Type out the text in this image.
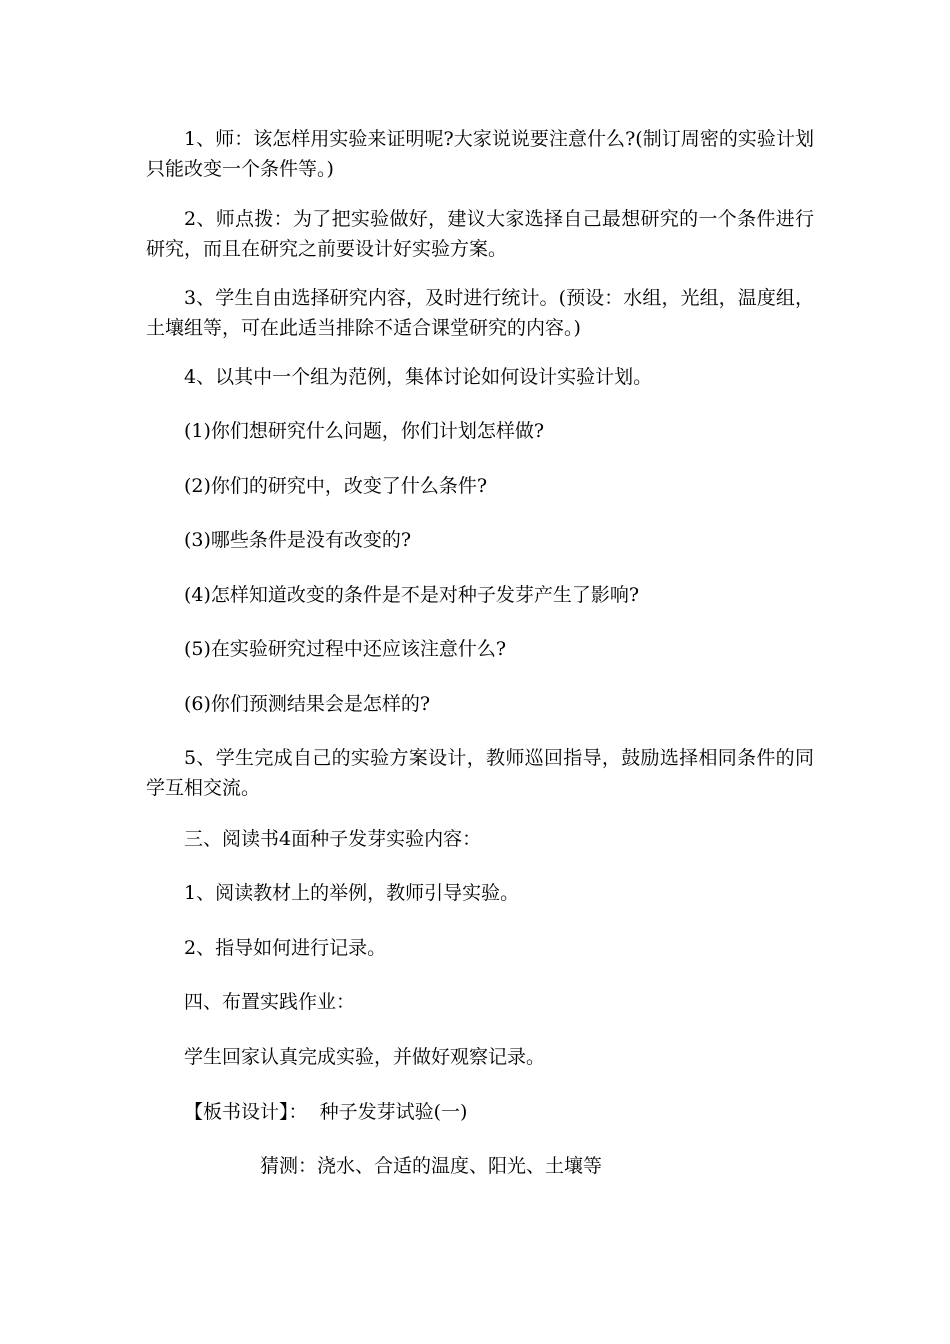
1、师：该怎样用实验来证明呢?大家说说要注意什么?(制订周密的实验计划只能改变一个条件等。)
2、师点拨：为了把实验做好，建议大家选择自己最想研究的一个条件进行研究，而且在研究之前要设计好实验方案。
3、学生自由选择研究内容，及时进行统计。(预设：水组，光组，温度组，土壤组等，可在此适当排除不适合课堂研究的内容。)
4、以其中一个组为范例，集体讨论如何设计实验计划。
(1)你们想研究什么问题，你们计划怎样做?
(2)你们的研究中，改变了什么条件?
(3)哪些条件是没有改变的?
(4)怎样知道改变的条件是不是对种子发芽产生了影响?
(5)在实验研究过程中还应该注意什么?
(6)你们预测结果会是怎样的?
5、学生完成自己的实验方案设计，教师巡回指导，鼓励选择相同条件的同学互相交流。
三、阅读书4面种子发芽实验内容：
1、阅读教材上的举例，教师引导实验。
2、指导如何进行记录。
四、布置实践作业：
学生回家认真完成实验，并做好观察记录。
【板书设计】：  种子发芽试验(一)
猜测：浇水、合适的温度、阳光、土壤等
